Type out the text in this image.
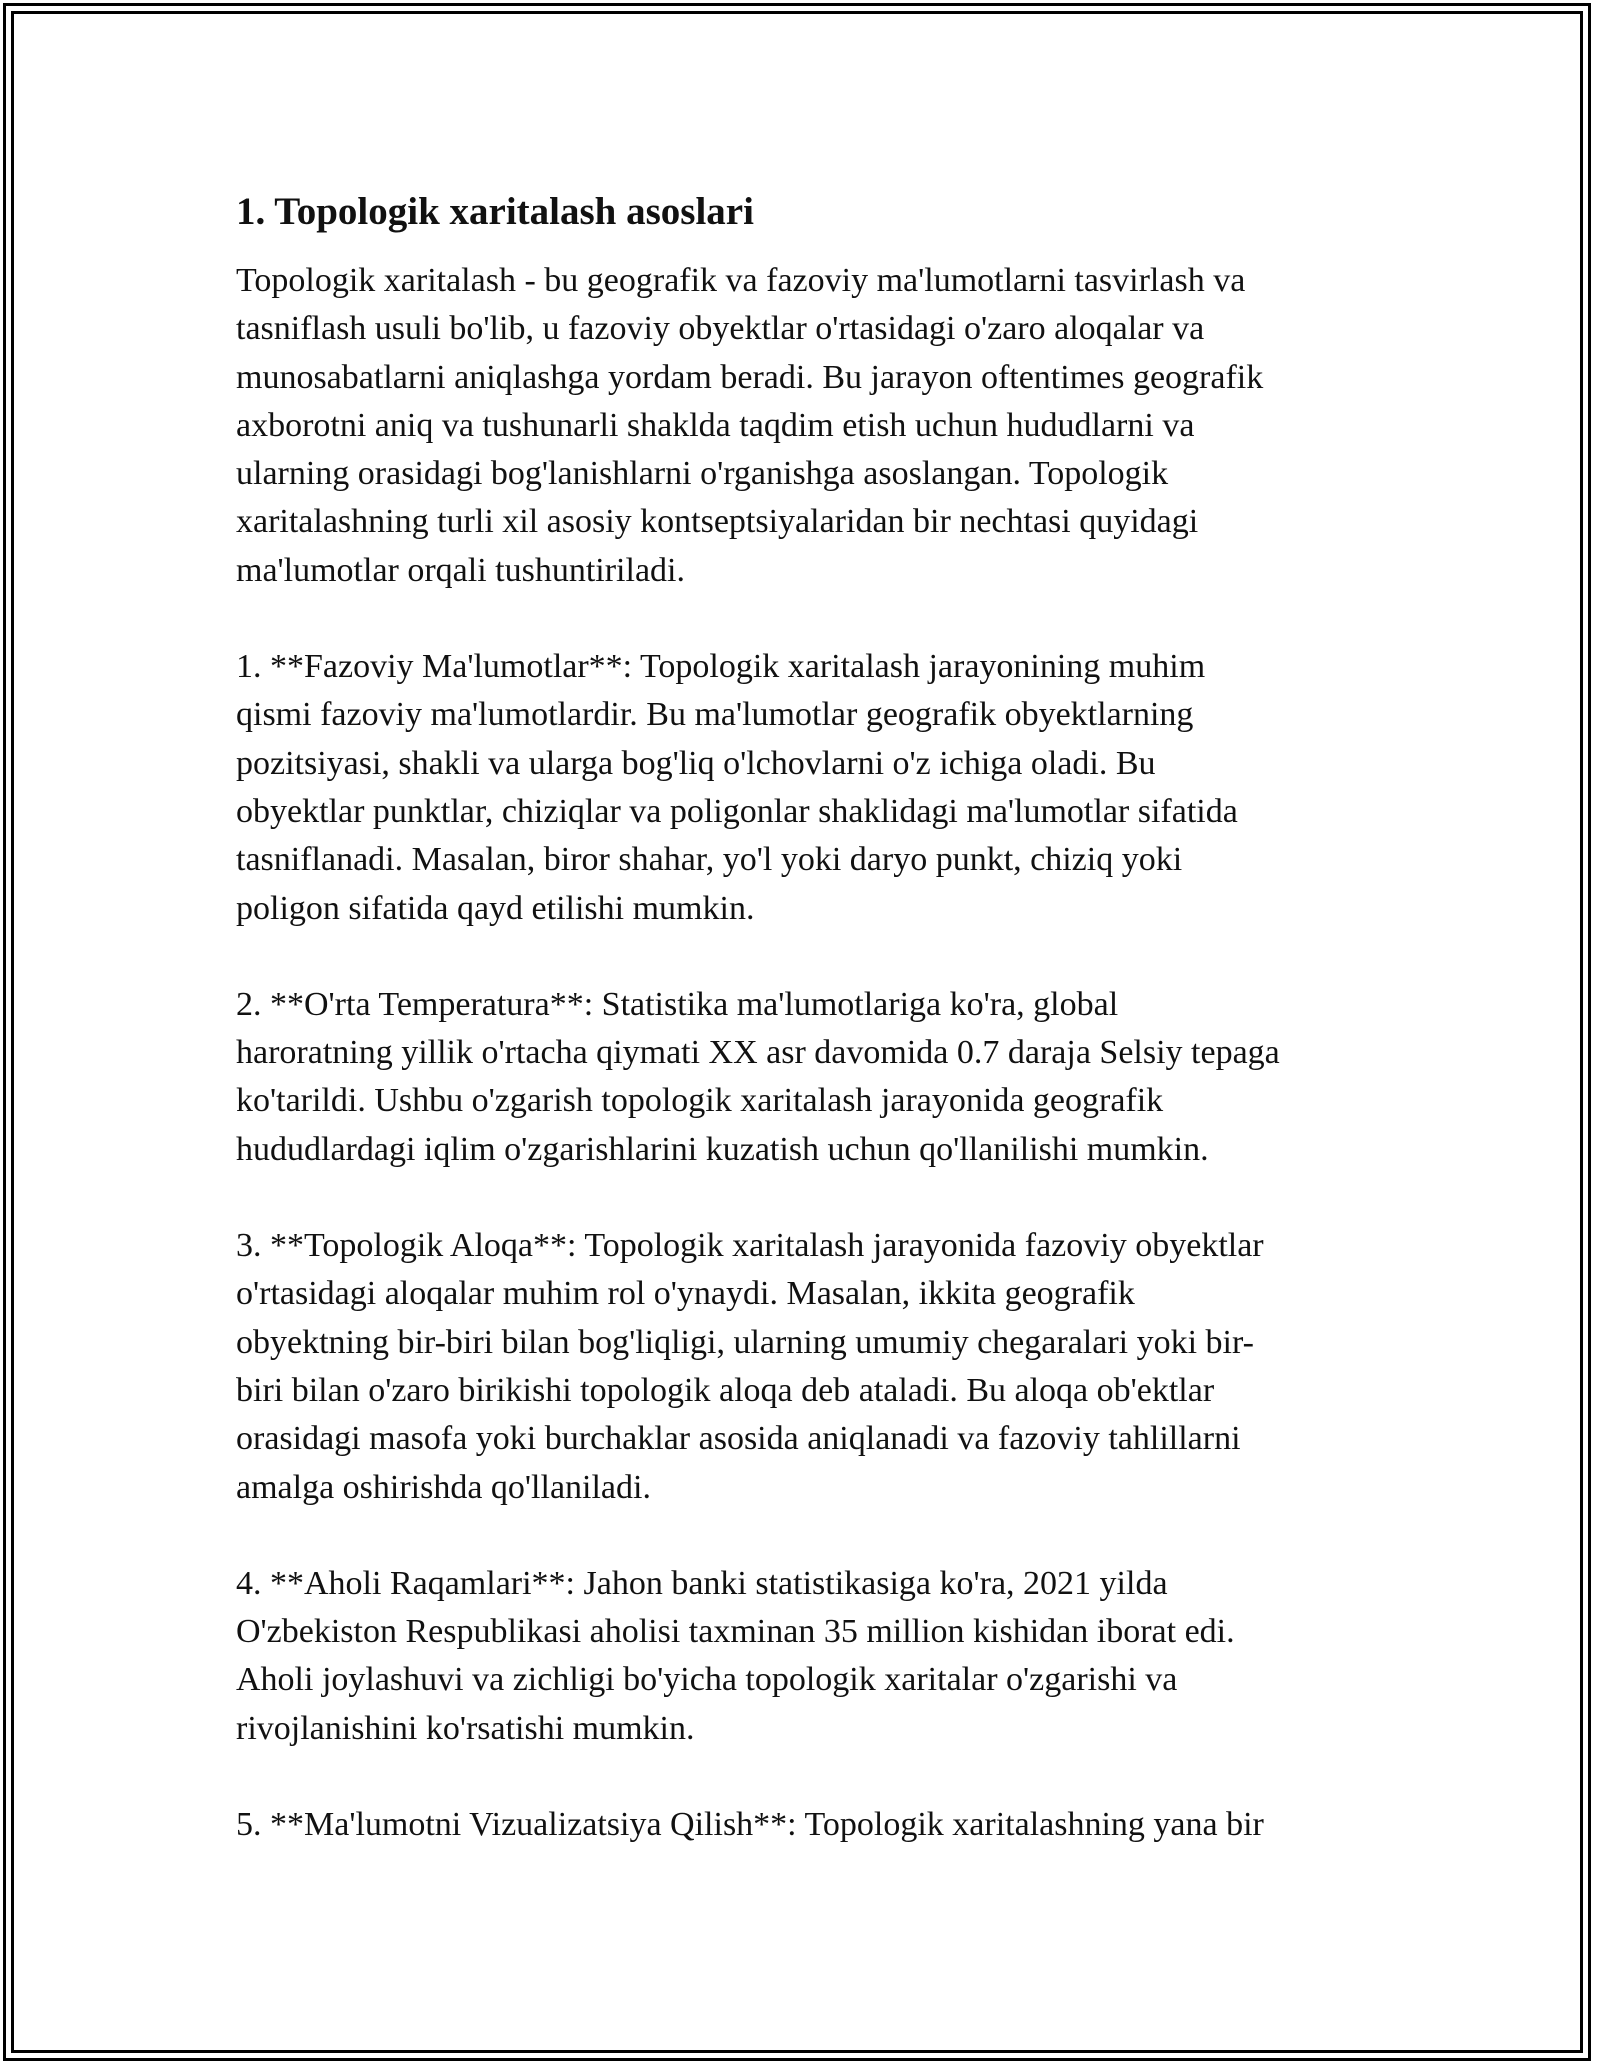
1. Topologik xaritalash asoslari

Topologik xaritalash - bu geografik va fazoviy ma'lumotlarni tasvirlash va
tasniflash usuli bo'lib, u fazoviy obyektlar o'rtasidagi o'zaro aloqalar va
munosabatlarni aniqlashga yordam beradi. Bu jarayon oftentimes geografik
axborotni aniq va tushunarli shaklda taqdim etish uchun hududlarni va
ularning orasidagi bog'lanishlarni o'rganishga asoslangan. Topologik
xaritalashning turli xil asosiy kontseptsiyalaridan bir nechtasi quyidagi
ma'lumotlar orqali tushuntiriladi.

1. **Fazoviy Ma'lumotlar**: Topologik xaritalash jarayonining muhim
qismi fazoviy ma'lumotlardir. Bu ma'lumotlar geografik obyektlarning
pozitsiyasi, shakli va ularga bog'liq o'lchovlarni o'z ichiga oladi. Bu
obyektlar punktlar, chiziqlar va poligonlar shaklidagi ma'lumotlar sifatida
tasniflanadi. Masalan, biror shahar, yo'l yoki daryo punkt, chiziq yoki
poligon sifatida qayd etilishi mumkin.

2. **O'rta Temperatura**: Statistika ma'lumotlariga ko'ra, global
haroratning yillik o'rtacha qiymati XX asr davomida 0.7 daraja Selsiy tepaga
ko'tarildi. Ushbu o'zgarish topologik xaritalash jarayonida geografik
hududlardagi iqlim o'zgarishlarini kuzatish uchun qo'llanilishi mumkin.

3. **Topologik Aloqa**: Topologik xaritalash jarayonida fazoviy obyektlar
o'rtasidagi aloqalar muhim rol o'ynaydi. Masalan, ikkita geografik
obyektning bir-biri bilan bog'liqligi, ularning umumiy chegaralari yoki bir-
biri bilan o'zaro birikishi topologik aloqa deb ataladi. Bu aloqa ob'ektlar
orasidagi masofa yoki burchaklar asosida aniqlanadi va fazoviy tahlillarni
amalga oshirishda qo'llaniladi.

4. **Aholi Raqamlari**: Jahon banki statistikasiga ko'ra, 2021 yilda
O'zbekiston Respublikasi aholisi taxminan 35 million kishidan iborat edi.
Aholi joylashuvi va zichligi bo'yicha topologik xaritalar o'zgarishi va
rivojlanishini ko'rsatishi mumkin.

5. **Ma'lumotni Vizualizatsiya Qilish**: Topologik xaritalashning yana bir
